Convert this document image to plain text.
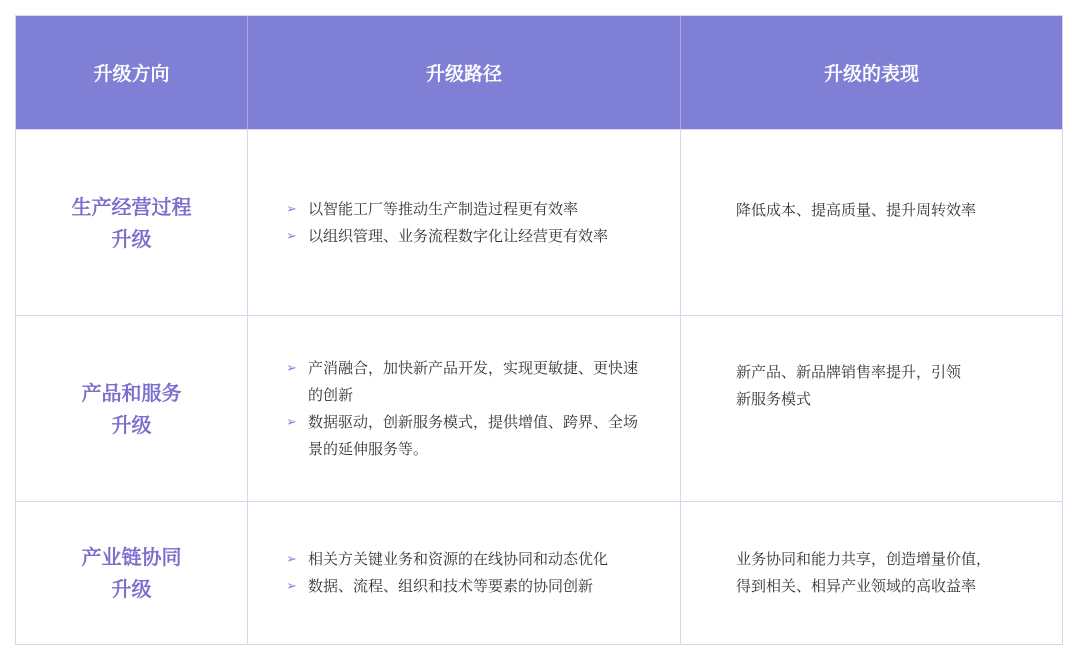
升级方向	升级路径	升级的表现
生产经营过程
升级
➢ 以智能工厂等推动生产制造过程更有效率
➢ 以组织管理、业务流程数字化让经营更有效率
降低成本、提高质量、提升周转效率
产品和服务
升级
➢ 产消融合，加快新产品开发，实现更敏捷、更快速的创新
➢ 数据驱动，创新服务模式，提供增值、跨界、全场景的延伸服务等。
新产品、新品牌销售率提升，引领
新服务模式
产业链协同
升级
➢ 相关方关键业务和资源的在线协同和动态优化
➢ 数据、流程、组织和技术等要素的协同创新
业务协同和能力共享，创造增量价值，
得到相关、相异产业领域的高收益率
